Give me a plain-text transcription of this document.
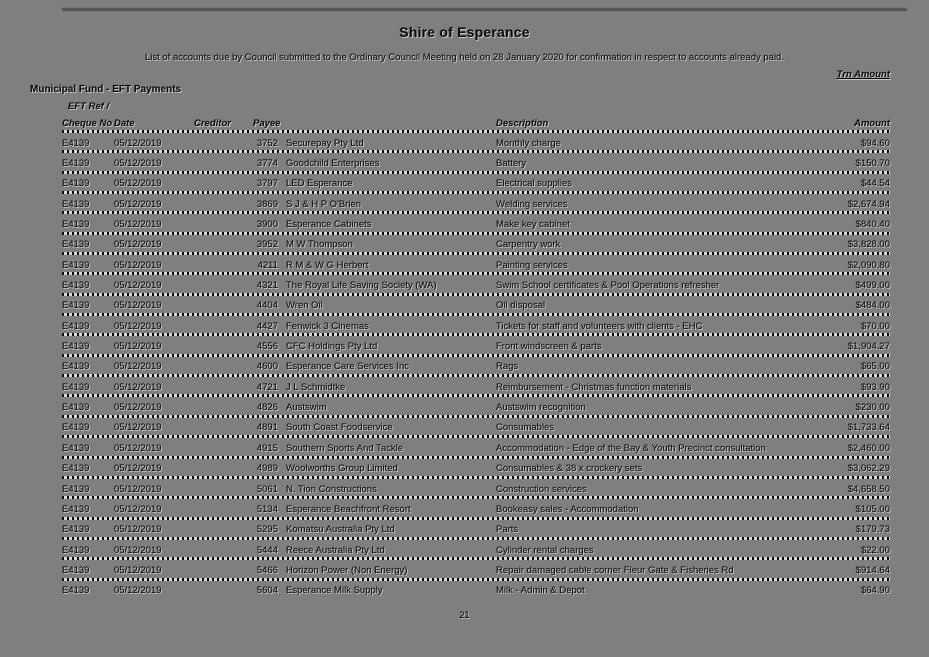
Shire of Esperance
List of accounts due by Council submitted to the Ordinary Council Meeting held on 28 January 2020 for confirmation in respect to accounts already paid.
Trn Amount
Municipal Fund - EFT Payments
EFT Ref /
Cheque No Date	Creditor	Payee	Description	Amount
E4139	05/12/2019	3752 Securepay Pty Ltd	Monthly charge	$94.60
E4139	05/12/2019	3774 Goodchild Enterprises	Battery	$150.70
E4139	05/12/2019	3797 LED Esperance	Electrical supplies	$44.54
E4139	05/12/2019	3869 S J & H P O'Brien	Welding services	$2,674.94
E4139	05/12/2019	3900 Esperance Cabinets	Make key cabinet	$840.40
E4139	05/12/2019	3952 M W Thompson	Carpentry work	$3,828.00
E4139	05/12/2019	4211 R M & W G Herbert	Painting services	$2,090.80
E4139	05/12/2019	4321 The Royal Life Saving Society (WA)	Swim School certificates & Pool Operations refresher	$499.00
E4139	05/12/2019	4404 Wren Oil	Oil disposal	$484.00
E4139	05/12/2019	4427 Fenwick 3 Cinemas	Tickets for staff and volunteers with clients - EHC	$70.00
E4139	05/12/2019	4556 CFC Holdings Pty Ltd	Front windscreen & parts	$1,904.27
E4139	05/12/2019	4600 Esperance Care Services Inc	Rags	$65.00
E4139	05/12/2019	4721 J L Schmidtke	Reimbursement - Christmas function materials	$93.90
E4139	05/12/2019	4826 Austswim	Austswim recognition	$230.00
E4139	05/12/2019	4891 South Coast Foodservice	Consumables	$1,733.64
E4139	05/12/2019	4915 Southern Sports And Tackle	Accommodation - Edge of the Bay & Youth Precinct consultation	$2,460.00
E4139	05/12/2019	4989 Woolworths Group Limited	Consumables & 38 x crockery sets	$3,062.29
E4139	05/12/2019	5061 N. Tion Constructions	Construction services	$4,658.50
E4139	05/12/2019	5134 Esperance Beachfront Resort	Bookeasy sales - Accommodation	$105.00
E4139	05/12/2019	5295 Komatsu Australia Pty Ltd	Parts	$179.73
E4139	05/12/2019	5444 Reece Australia Pty Ltd	Cylinder rental charges	$22.00
E4139	05/12/2019	5466 Horizon Power (Non Energy)	Repair damaged cable corner Fleur Gate & Fisheries Rd	$914.64
E4139	05/12/2019	5604 Esperance Milk Supply	Milk - Admin & Depot	$64.90
21
